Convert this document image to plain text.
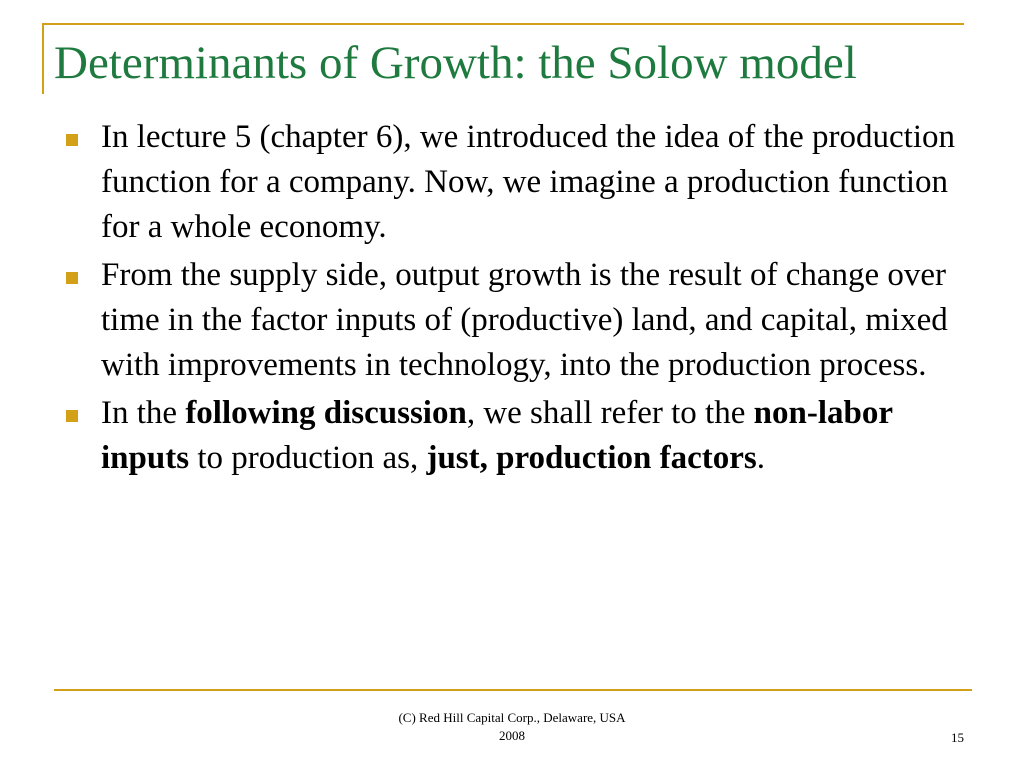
Determinants of Growth: the Solow model
In lecture 5 (chapter 6), we introduced the idea of the production function for a company. Now, we imagine a production function for a whole economy.
From the supply side, output growth is the result of change over time in the factor inputs of (productive) land, and capital, mixed with improvements in technology, into the production process.
In the following discussion, we shall refer to the non-labor inputs to production as, just, production factors.
(C) Red Hill Capital Corp., Delaware, USA
2008	15
